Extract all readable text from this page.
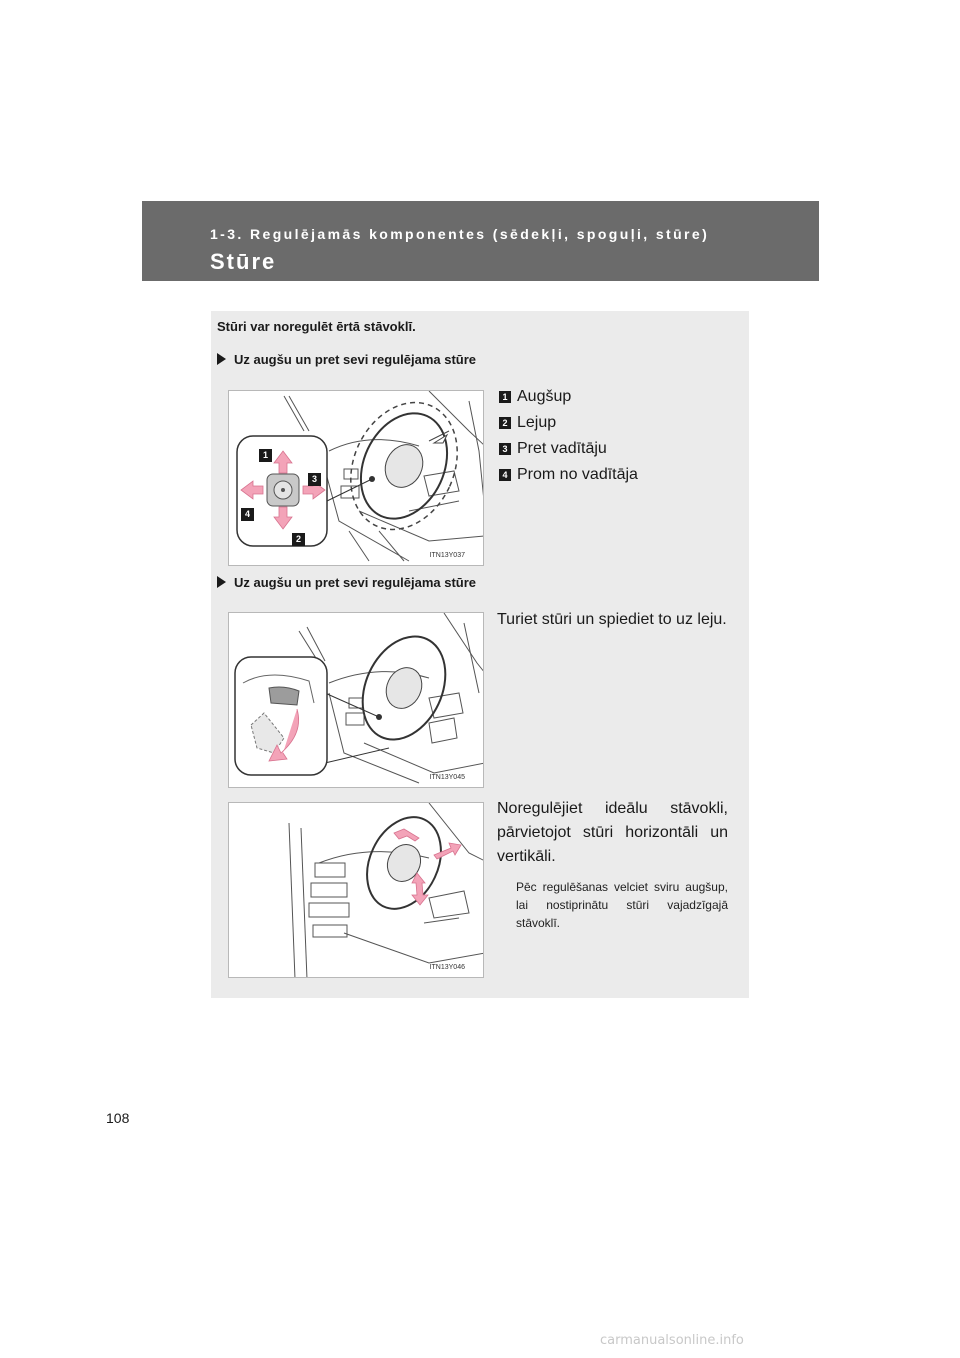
1-3. Regulējamās komponentes (sēdekļi, spoguļi, stūre)
Stūre
Stūri var noregulēt ērtā stāvoklī.
Uz augšu un pret sevi regulējama stūre
1
3
4
2
ITN13Y037
1 Augšup
2 Lejup
3 Pret vadītāju
4 Prom no vadītāja
Uz augšu un pret sevi regulējama stūre
ITN13Y045
Turiet stūri un spiediet to uz leju.
ITN13Y046
Noregulējiet ideālu stāvokli, pārvietojot stūri horizontāli un vertikāli.
Pēc regulēšanas velciet sviru augšup, lai nostiprinātu stūri vajadzīgajā stāvoklī.
108
carmanualsonline.info
